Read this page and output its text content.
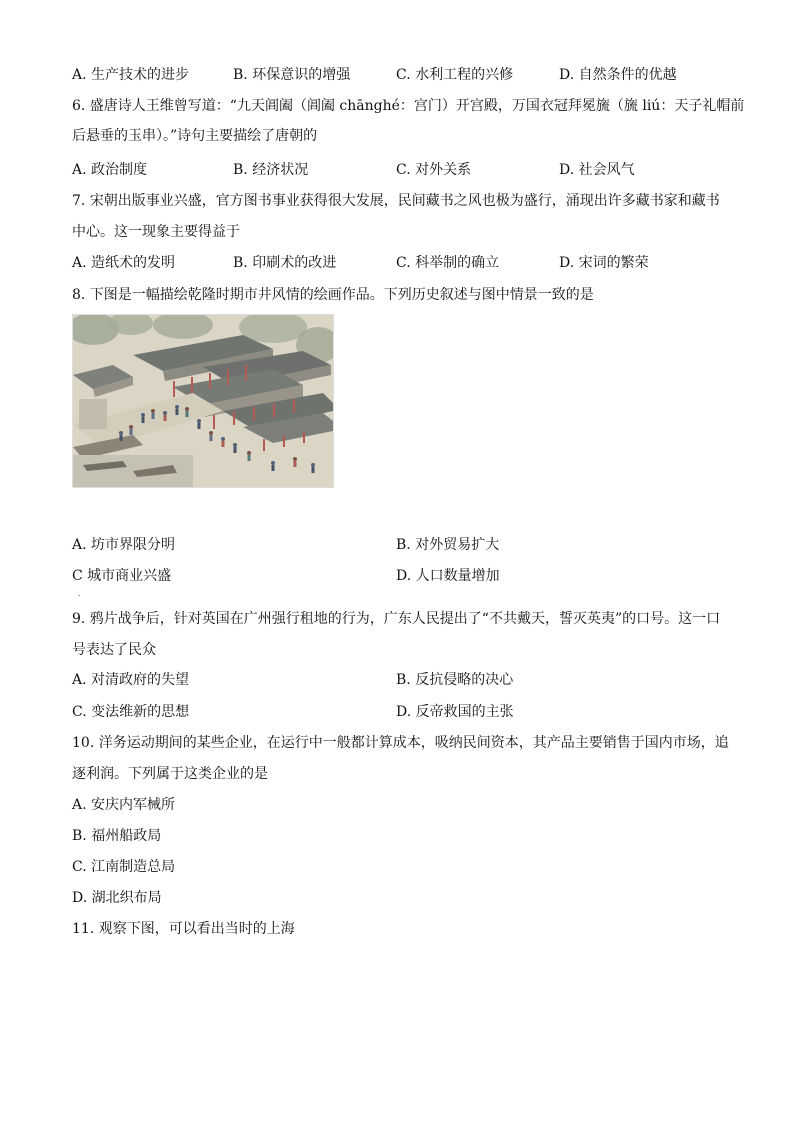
A. 生产技术的进步	B. 环保意识的增强	C. 水利工程的兴修	D. 自然条件的优越
6. 盛唐诗人王维曾写道：“九天阊阖（阊阖 chānghé：宫门）开宫殿，万国衣冠拜冕旒（旒 liú：天子礼帽前
后悬垂的玉串）。”诗句主要描绘了唐朝的
A. 政治制度	B. 经济状况	C. 对外关系	D. 社会风气
7. 宋朝出版事业兴盛，官方图书事业获得很大发展，民间藏书之风也极为盛行，涌现出许多藏书家和藏书
中心。这一现象主要得益于
A. 造纸术的发明	B. 印刷术的改进	C. 科举制的确立	D. 宋词的繁荣
8. 下图是一幅描绘乾隆时期市井风情的绘画作品。下列历史叙述与图中情景一致的是
A. 坊市界限分明	B. 对外贸易扩大
C 城市商业兴盛	D. 人口数量增加
.
9. 鸦片战争后，针对英国在广州强行租地的行为，广东人民提出了“不共戴天，誓灭英夷”的口号。这一口
号表达了民众
A. 对清政府的失望	B. 反抗侵略的决心
C. 变法维新的思想	D. 反帝救国的主张
10. 洋务运动期间的某些企业，在运行中一般都计算成本，吸纳民间资本，其产品主要销售于国内市场，追
逐利润。下列属于这类企业的是
A. 安庆内军械所
B. 福州船政局
C. 江南制造总局
D. 湖北织布局
11. 观察下图，可以看出当时的上海
